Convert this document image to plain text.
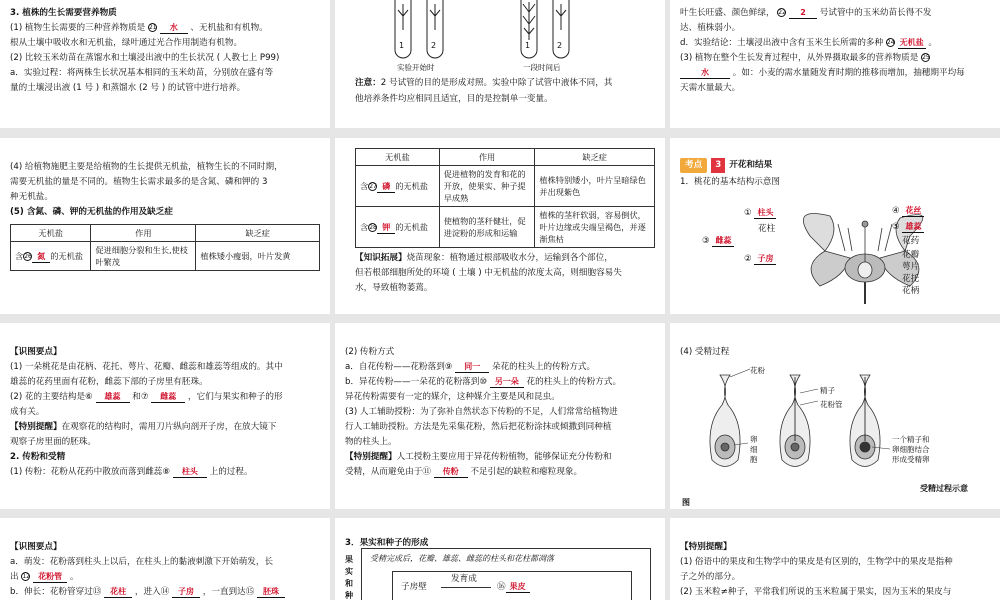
3. 植株的生长需要营养物质

(1) 植物生长需要的三种营养物质是 21 水 、无机盐和有机物。

根从土壤中吸收水和无机盐，绿叶通过光合作用制造有机物。

(2) 比较玉米幼苗在蒸馏水和土壤浸出液中的生长状况 ( 人教七上 P99)

a．实验过程：将两株生长状况基本相同的玉米幼苗，分别放在盛有等

量的土壤浸出液 (1 号 ) 和蒸馏水 (2 号 ) 的试管中进行培养。

1	2	1	2
实验开始时	一段时间后

注意：2 号试管的目的是形成对照。实验中除了试管中液体不同，其

他培养条件均应相同且适宜，目的是控制单一变量。

叶生长旺盛、颜色鲜绿， 22 2 号试管中的玉米幼苗长得不发

达、植株弱小。

d．实验结论：土壤浸出液中含有玉米生长所需的多种 24 无机盐 。

(3) 植物在整个生长发育过程中，从外界摄取最多的营养物质是 25

水	。如：小麦的需水量随发育时期的推移而增加，抽穗期平均每

天需水量最大。

(4) 给植物施肥主要是给植物的生长提供无机盐，植物生长的不同时期，

需要无机盐的量是不同的。植物生长需求最多的是含氮、磷和钾的 3

种无机盐。

(5) 含氮、磷、钾的无机盐的作用及缺乏症

无机盐	作用	缺乏症
含26 氮 的无机盐	促进细胞分裂和生长,使枝叶繁茂	植株矮小瘦弱，叶片发黄
无机盐	作用	缺乏症
含27 磷 的无机盐	促进植物的发育和花的开放，使果实、种子提早成熟	植株特别矮小，叶片呈暗绿色并出现紫色
含28 钾 的无机盐	使植物的茎秆健壮，促进淀粉的形成和运输	植株的茎秆软弱，容易倒伏，叶片边缘或尖端呈褐色，并逐渐焦枯

【知识拓展】烧苗现象：植物通过根部吸收水分，运输到各个部位，

但若根部细胞所处的环境 ( 土壤 ) 中无机盐的浓度太高，则细胞容易失

水，导致植物萎蔫。

考点	3 开花和结果

1．桃花的基本结构示意图

① 柱头
花柱
③ 雌蕊
② 子房
④ 花丝
⑤ 雄蕊
花药
花瓣
萼片
花托
花柄

【识图要点】

(1) 一朵桃花是由花柄、花托、萼片、花瓣、雌蕊和雄蕊等组成的。其中

雄蕊的花药里面有花粉，雌蕊下部的子房里有胚珠。

(2) 花的主要结构是⑥ 雄蕊 和⑦ 雌蕊 ，它们与果实和种子的形

成有关。

【特别提醒】在观察花的结构时，需用刀片纵向剖开子房，在放大镜下

观察子房里面的胚珠。

2. 传粉和受精

(1) 传粉：花粉从花药中散放而落到雌蕊⑧ 柱头 上的过程。

(2) 传粉方式

a．自花传粉——花粉落到⑨ 同一 朵花的柱头上的传粉方式。

b．异花传粉——一朵花的花粉落到⑩ 另一朵 花的柱头上的传粉方式。

异花传粉需要有一定的媒介，这种媒介主要是风和昆虫。

(3) 人工辅助授粉：为了弥补自然状态下传粉的不足，人们常常给植物进

行人工辅助授粉。方法是先采集花粉，然后把花粉涂抹或倾撒到同种植

物的柱头上。

【特别提醒】人工授粉主要应用于异花传粉植物，能够保证充分传粉和

受精，从而避免由于⑪ 传粉 不足引起的缺粒和瘪粒现象。

(4) 受精过程

花粉
精子
花粉管
卵细胞
一个精子和
卵细胞结合
形成受精卵
受精过程示意
图

【识图要点】

a．萌发：花粉落到柱头上以后，在柱头上的黏液刺激下开始萌发，长

出 12 花粉管 。

b．伸长：花粉管穿过⑬ 花柱 ，进入⑭ 子房 ，一直到达⑮ 胚珠

3．果实和种子的形成

果实和种

受精完成后，花瓣、雄蕊、雌蕊的柱头和花柱都凋落

子房壁
发育成
⑯ 果皮

【特别提醒】

(1) 俗语中的果皮和生物学中的果皮是有区别的，生物学中的果皮是指种

子之外的部分。

(2) 玉米粒≠种子，平常我们所说的玉米粒属于果实，因为玉米的果皮与
